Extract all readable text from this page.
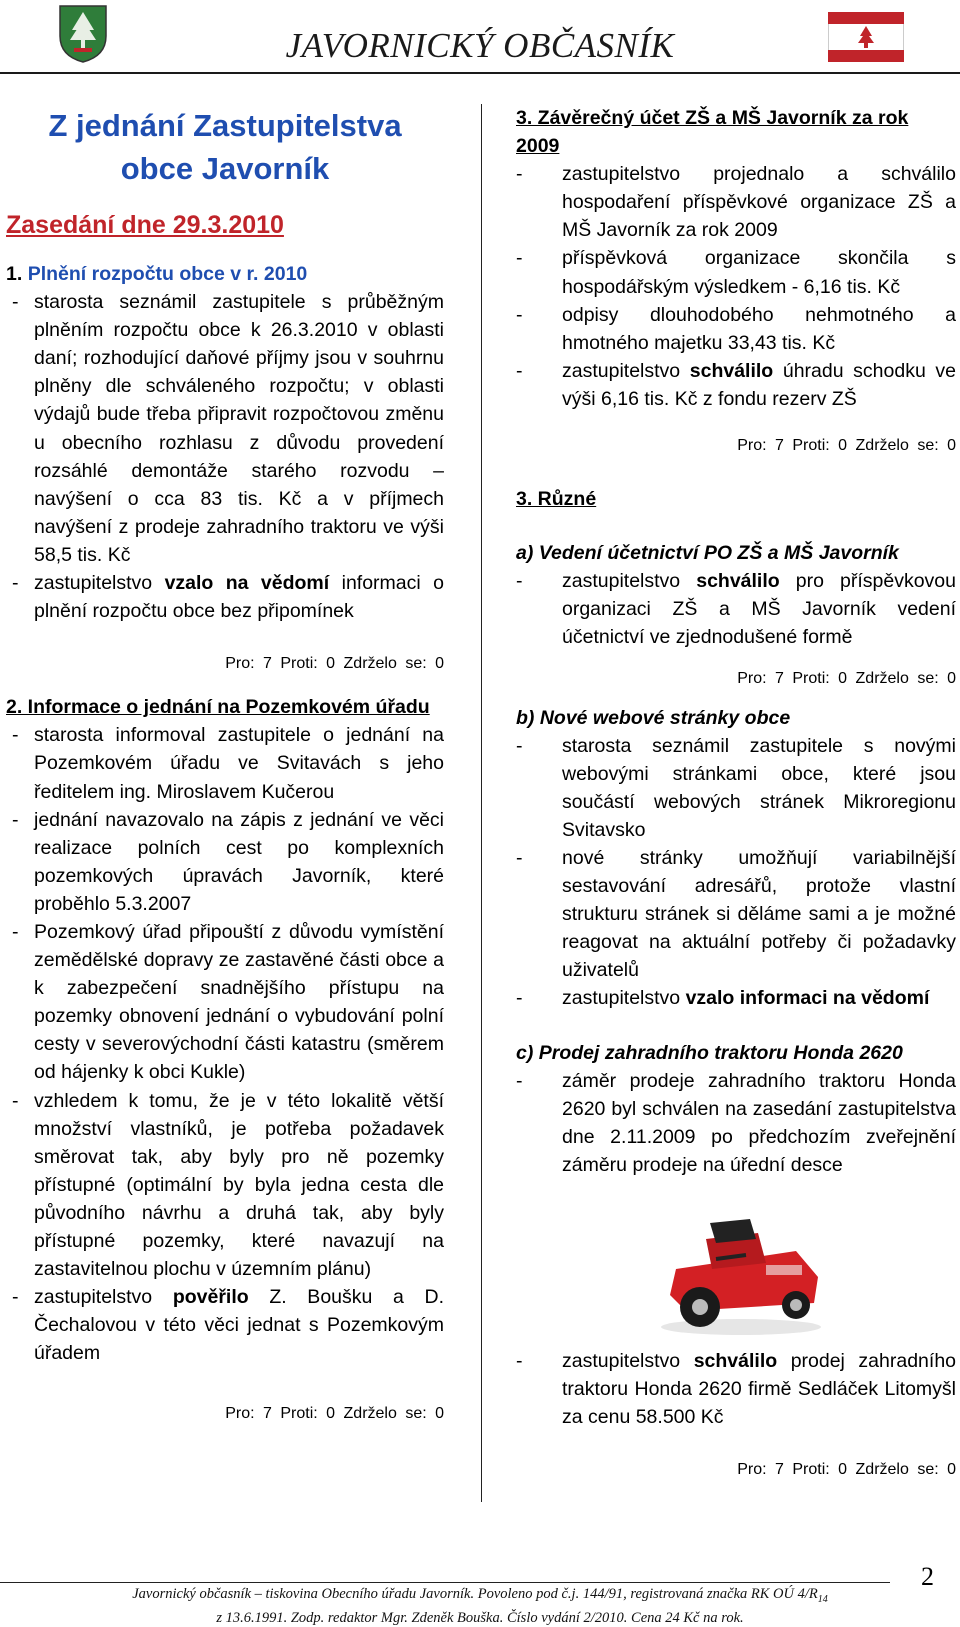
JAVORNICKÝ OBČASNÍK
Z jednání Zastupitelstva
obce Javorník
Zasedání dne 29.3.2010
1. Plnění rozpočtu obce v r. 2010
- starosta seznámil zastupitele s průběžným plněním rozpočtu obce k 26.3.2010 v oblasti daní; rozhodující daňové příjmy jsou v souhrnu plněny dle schváleného rozpočtu; v oblasti výdajů bude třeba připravit rozpočtovou změnu u obecního rozhlasu z důvodu provedení rozsáhlé demontáže starého rozvodu – navýšení o cca 83 tis. Kč a v příjmech navýšení z prodeje zahradního traktoru ve výši 58,5 tis. Kč
- zastupitelstvo vzalo na vědomí informaci o plnění rozpočtu obce bez připomínek
Pro: 7 Proti: 0 Zdrželo se: 0
2. Informace o jednání na Pozemkovém úřadu
- starosta informoval zastupitele o jednání na Pozemkovém úřadu ve Svitavách s jeho ředitelem ing. Miroslavem Kučerou
- jednání navazovalo na zápis z jednání ve věci realizace polních cest po komplexních pozemkových úpravách Javorník, které proběhlo 5.3.2007
- Pozemkový úřad připouští z důvodu vymístění zemědělské dopravy ze zastavěné části obce a k zabezpečení snadnějšího přístupu na pozemky obnovení jednání o vybudování polní cesty v severovýchodní části katastru (směrem od hájenky k obci Kukle)
- vzhledem k tomu, že je v této lokalitě větší množství vlastníků, je potřeba požadavek směrovat tak, aby byly pro ně pozemky přístupné (optimální by byla jedna cesta dle původního návrhu a druhá tak, aby byly přístupné pozemky, které navazují na zastavitelnou plochu v územním plánu)
- zastupitelstvo pověřilo Z. Boušku a D. Čechalovou v této věci jednat s Pozemkovým úřadem
Pro: 7 Proti: 0 Zdrželo se: 0
3. Závěrečný účet ZŠ a MŠ Javorník za rok 2009
- zastupitelstvo projednalo a schválilo hospodaření příspěvkové organizace ZŠ a MŠ Javorník za rok 2009
- příspěvková organizace skončila s hospodářským výsledkem - 6,16 tis. Kč
- odpisy dlouhodobého nehmotného a hmotného majetku 33,43 tis. Kč
- zastupitelstvo schválilo úhradu schodku ve výši 6,16 tis. Kč z fondu rezerv ZŠ
Pro: 7 Proti: 0 Zdrželo se: 0
3. Různé
a) Vedení účetnictví PO ZŠ a MŠ Javorník
- zastupitelstvo schválilo pro příspěvkovou organizaci ZŠ a MŠ Javorník vedení účetnictví ve zjednodušené formě
Pro: 7 Proti: 0 Zdrželo se: 0
b) Nové webové stránky obce
- starosta seznámil zastupitele s novými webovými stránkami obce, které jsou součástí webových stránek Mikroregionu Svitavsko
- nové stránky umožňují variabilnější sestavování adresářů, protože vlastní strukturu stránek si děláme sami a je možné reagovat na aktuální potřeby či požadavky uživatelů
- zastupitelstvo vzalo informaci na vědomí
c) Prodej zahradního traktoru Honda 2620
- záměr prodeje zahradního traktoru Honda 2620 byl schválen na zasedání zastupitelstva dne 2.11.2009 po předchozím zveřejnění záměru prodeje na úřední desce
- zastupitelstvo schválilo prodej zahradního traktoru Honda 2620 firmě Sedláček Litomyšl za cenu 58.500 Kč
Pro: 7 Proti: 0 Zdrželo se: 0
2
Javornický občasník – tiskovina Obecního úřadu Javorník. Povoleno pod č.j. 144/91, registrovaná značka RK OÚ $4/R_{14}$
z 13.6.1991. Zodp. redaktor Mgr. Zdeněk Bouška. Číslo vydání 2/2010. Cena 24 Kč na rok.
